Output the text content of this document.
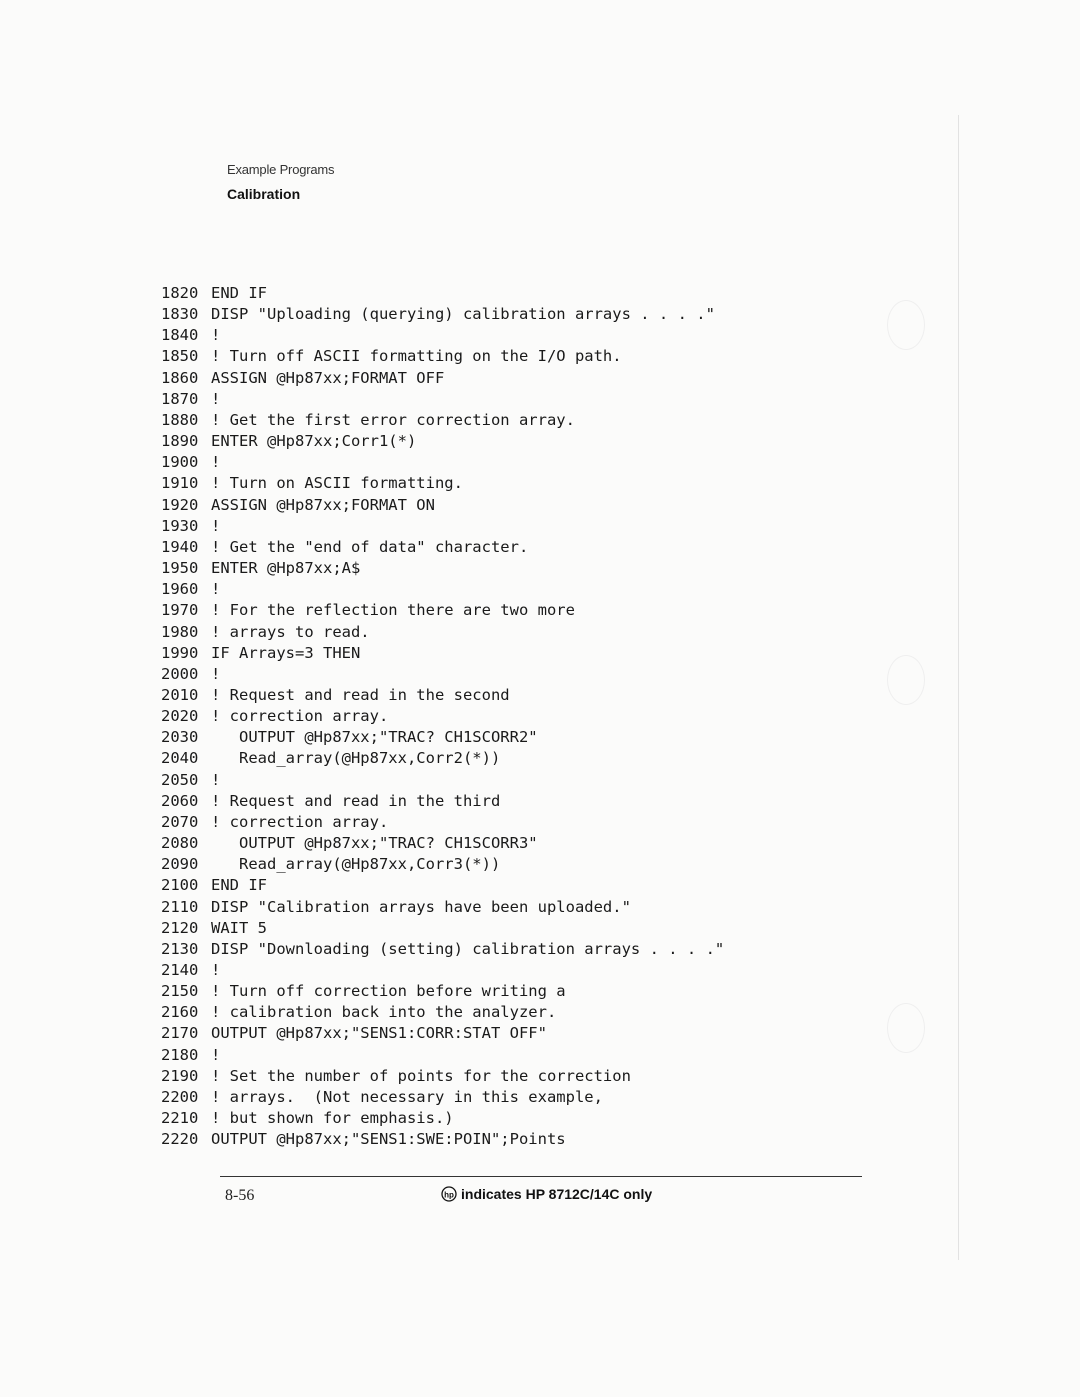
Example Programs
Calibration
1820 END IF
1830 DISP "Uploading (querying) calibration arrays . . . ."
1840 !
1850 ! Turn off ASCII formatting on the I/O path.
1860 ASSIGN @Hp87xx;FORMAT OFF
1870 !
1880 ! Get the first error correction array.
1890 ENTER @Hp87xx;Corr1(*)
1900 !
1910 ! Turn on ASCII formatting.
1920 ASSIGN @Hp87xx;FORMAT ON
1930 !
1940 ! Get the "end of data" character.
1950 ENTER @Hp87xx;A$
1960 !
1970 ! For the reflection there are two more
1980 ! arrays to read.
1990 IF Arrays=3 THEN
2000 !
2010 ! Request and read in the second
2020 ! correction array.
2030 OUTPUT @Hp87xx;"TRAC? CH1SCORR2"
2040 Read_array(@Hp87xx,Corr2(*))
2050 !
2060 ! Request and read in the third
2070 ! correction array.
2080 OUTPUT @Hp87xx;"TRAC? CH1SCORR3"
2090 Read_array(@Hp87xx,Corr3(*))
2100 END IF
2110 DISP "Calibration arrays have been uploaded."
2120 WAIT 5
2130 DISP "Downloading (setting) calibration arrays . . . ."
2140 !
2150 ! Turn off correction before writing a
2160 ! calibration back into the analyzer.
2170 OUTPUT @Hp87xx;"SENS1:CORR:STAT OFF"
2180 !
2190 ! Set the number of points for the correction
2200 ! arrays.  (Not necessary in this example,
2210 ! but shown for emphasis.)
2220 OUTPUT @Hp87xx;"SENS1:SWE:POIN";Points
8-56	hp indicates HP 8712C/14C only
